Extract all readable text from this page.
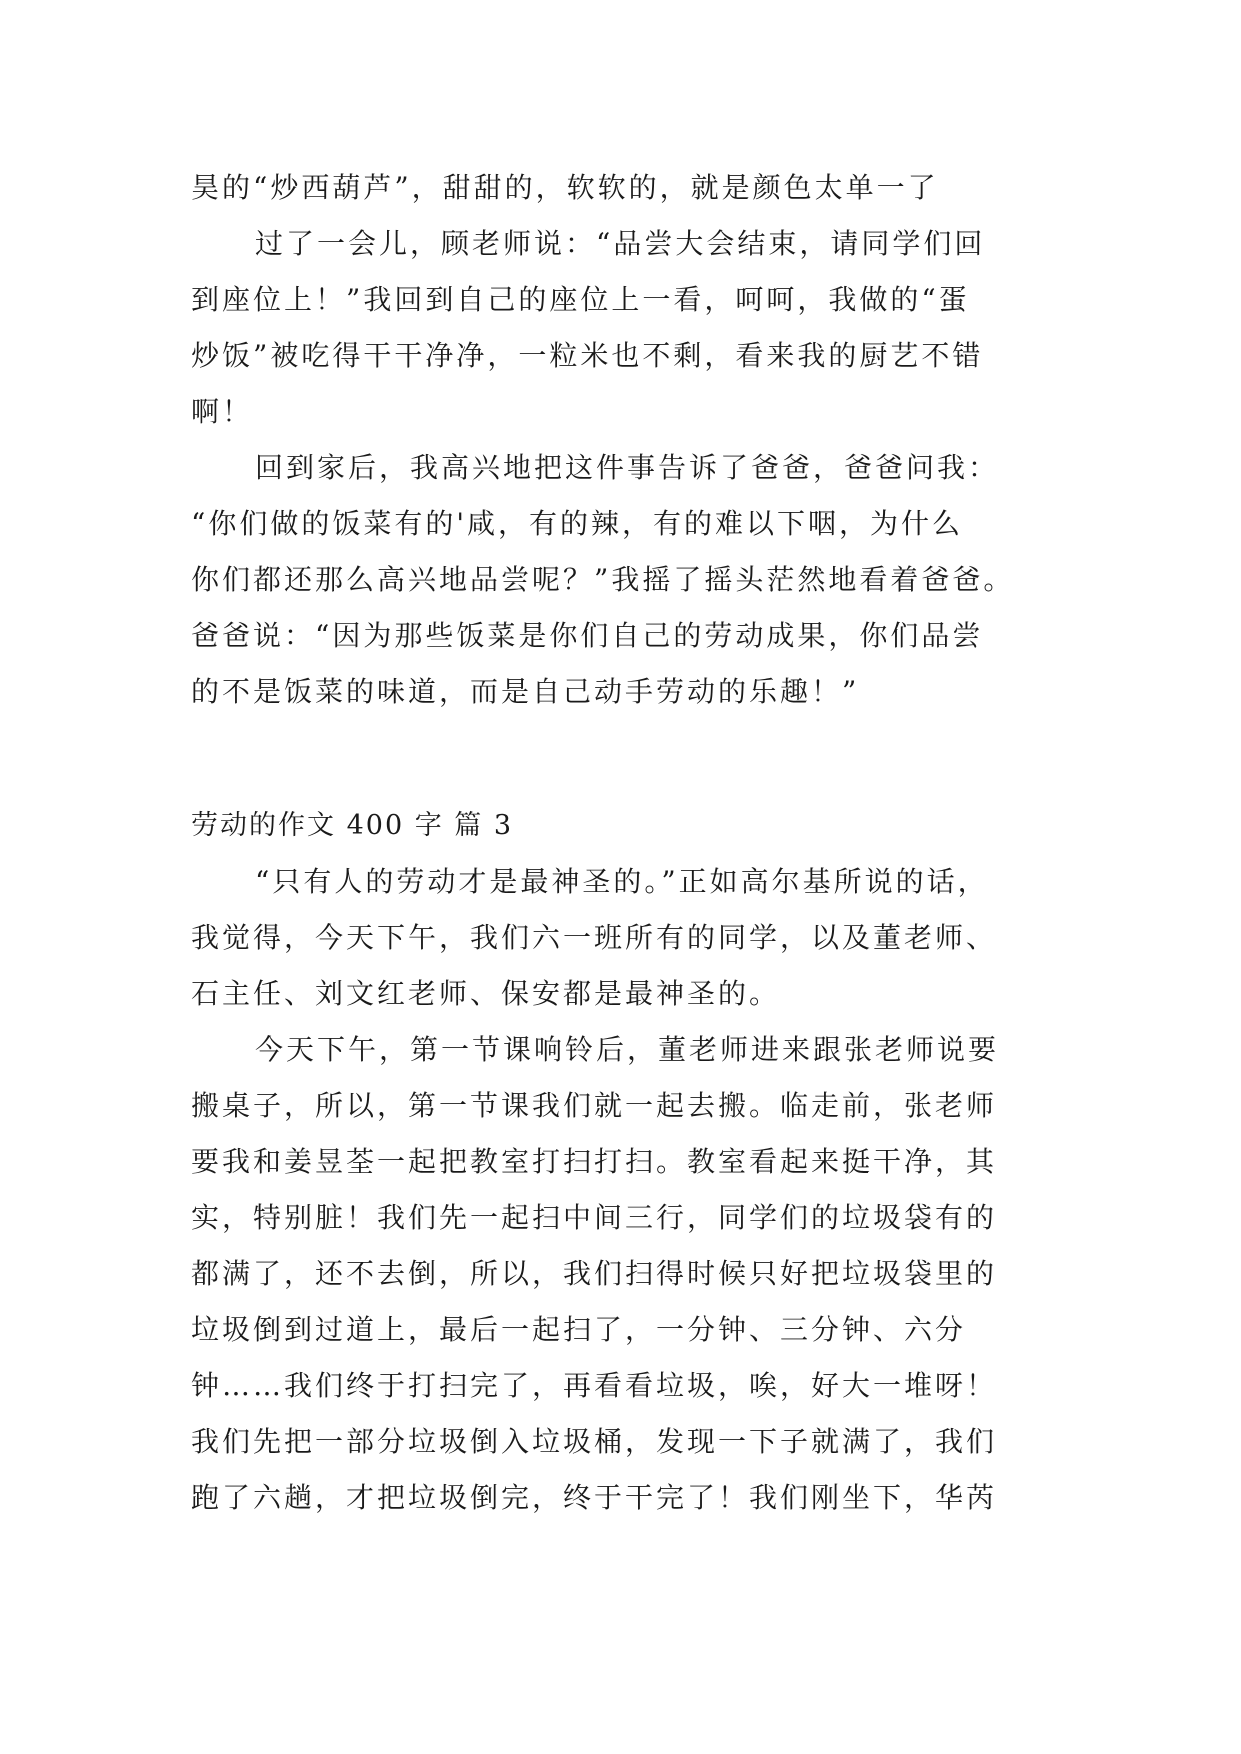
昊的“炒西葫芦”，甜甜的，软软的，就是颜色太单一了
过了一会儿，顾老师说：“品尝大会结束，请同学们回
到座位上！”我回到自己的座位上一看，呵呵，我做的“蛋
炒饭”被吃得干干净净，一粒米也不剩，看来我的厨艺不错
啊！
回到家后，我高兴地把这件事告诉了爸爸，爸爸问我：
“你们做的饭菜有的'咸，有的辣，有的难以下咽，为什么
你们都还那么高兴地品尝呢？”我摇了摇头茫然地看着爸爸。
爸爸说：“因为那些饭菜是你们自己的劳动成果，你们品尝
的不是饭菜的味道，而是自己动手劳动的乐趣！”
劳动的作文 400 字 篇 3
“只有人的劳动才是最神圣的。”正如高尔基所说的话，
我觉得，今天下午，我们六一班所有的同学，以及董老师、
石主任、刘文红老师、保安都是最神圣的。
今天下午，第一节课响铃后，董老师进来跟张老师说要
搬桌子，所以，第一节课我们就一起去搬。临走前，张老师
要我和姜昱荃一起把教室打扫打扫。教室看起来挺干净，其
实，特别脏！我们先一起扫中间三行，同学们的垃圾袋有的
都满了，还不去倒，所以，我们扫得时候只好把垃圾袋里的
垃圾倒到过道上，最后一起扫了，一分钟、三分钟、六分
钟……我们终于打扫完了，再看看垃圾，唉，好大一堆呀！
我们先把一部分垃圾倒入垃圾桶，发现一下子就满了，我们
跑了六趟，才把垃圾倒完，终于干完了！我们刚坐下，华芮
